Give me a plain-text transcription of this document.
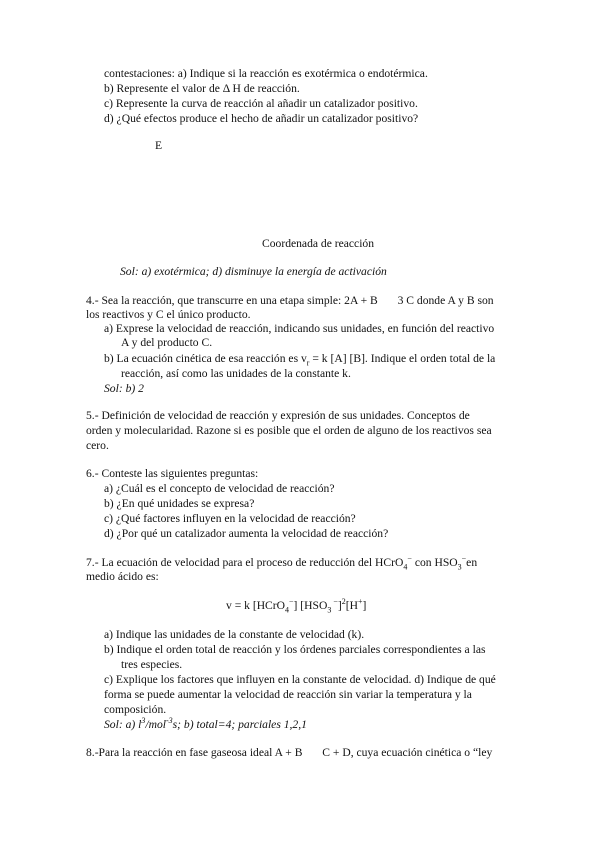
contestaciones: a) Indique si la reacción es exotérmica o endotérmica.
b) Represente el valor de Δ H de reacción.
c) Represente la curva de reacción al añadir un catalizador positivo.
d) ¿Qué efectos produce el hecho de añadir un catalizador positivo?
E
Coordenada de reacción
Sol: a) exotérmica; d) disminuye la energía de activación
4.- Sea la reacción, que transcurre en una etapa simple: 2A + B 3 C donde A y B son
los reactivos y C el único producto.
a) Exprese la velocidad de reacción, indicando sus unidades, en función del reactivo
A y del producto C.
b) La ecuación cinética de esa reacción es $v_r = k$ [A] [B]. Indique el orden total de la
reacción, así como las unidades de la constante k.
Sol: b) 2
5.- Definición de velocidad de reacción y expresión de sus unidades. Conceptos de
orden y molecularidad. Razone si es posible que el orden de alguno de los reactivos sea
cero.
6.- Conteste las siguientes preguntas:
a) ¿Cuál es el concepto de velocidad de reacción?
b) ¿En qué unidades se expresa?
c) ¿Qué factores influyen en la velocidad de reacción?
d) ¿Por qué un catalizador aumenta la velocidad de reacción?
7.- La ecuación de velocidad para el proceso de reducción del HCrO$_4$− con $HSO_3^-en$
medio ácido es:
v = k [HCrO$_4$−] [$HSO_3$ −]$^2$[H+]
a) Indique las unidades de la constante de velocidad (k).
b) Indique el orden total de reacción y los órdenes parciales correspondientes a las
tres especies.
c) Explique los factores que influyen en la constante de velocidad. d) Indique de qué
forma se puede aumentar la velocidad de reacción sin variar la temperatura y la
composición.
Sol: a) $l^3/mol^{-3}s$; b) total=4; parciales 1,2,1
8.-Para la reacción en fase gaseosa ideal A + B C + D, cuya ecuación cinética o “ley
